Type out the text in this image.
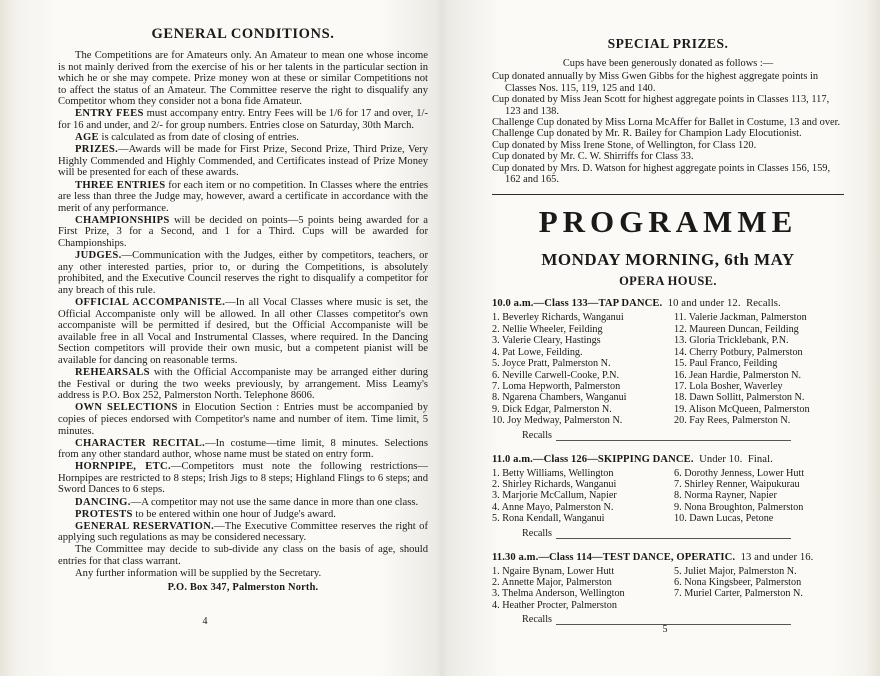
GENERAL CONDITIONS.

The Competitions are for Amateurs only. An Amateur to mean one whose income is not mainly derived from the exercise of his or her talents in the particular section in which he or she may compete. Prize money won at these or similar Competitions not to affect the status of an Amateur. The Committee reserve the right to disqualify any Competitor whom they consider not a bona fide Amateur.

ENTRY FEES must accompany entry. Entry Fees will be 1/6 for 17 and over, 1/- for 16 and under, and 2/- for group numbers. Entries close on Saturday, 30th March.

AGE is calculated as from date of closing of entries.

PRIZES.—Awards will be made for First Prize, Second Prize, Third Prize, Very Highly Commended and Highly Commended, and Certificates instead of Prize Money will be presented for each of these awards.

THREE ENTRIES for each item or no competition. In Classes where the entries are less than three the Judge may, however, award a certificate in accordance with the merit of any performance.

CHAMPIONSHIPS will be decided on points—5 points being awarded for a First Prize, 3 for a Second, and 1 for a Third. Cups will be awarded for Championships.

JUDGES.—Communication with the Judges, either by competitors, teachers, or any other interested parties, prior to, or during the Competitions, is absolutely prohibited, and the Executive Council reserves the right to disqualify a competitor for any breach of this rule.

OFFICIAL ACCOMPANISTE.—In all Vocal Classes where music is set, the Official Accompaniste only will be allowed. In all other Classes competitor's own accompaniste will be permitted if desired, but the Official Accompaniste will be available free in all Vocal and Instrumental Classes, where required. In the Dancing Section competitors will provide their own music, but a competent pianist will be available for dancing on reasonable terms.

REHEARSALS with the Official Accompaniste may be arranged either during the Festival or during the two weeks previously, by arrangement. Miss Leamy's address is P.O. Box 252, Palmerston North. Telephone 8606.

OWN SELECTIONS in Elocution Section : Entries must be accompanied by copies of pieces endorsed with Competitor's name and number of item. Time limit, 5 minutes.

CHARACTER RECITAL.—In costume—time limit, 8 minutes. Selections from any other standard author, whose name must be stated on entry form.

HORNPIPE, ETC.—Competitors must note the following restrictions—Hornpipes are restricted to 8 steps; Irish Jigs to 8 steps; Highland Flings to 6 steps; and Sword Dances to 6 steps.

DANCING.—A competitor may not use the same dance in more than one class.

PROTESTS to be entered within one hour of Judge's award.

GENERAL RESERVATION.—The Executive Committee reserves the right of applying such regulations as may be considered necessary.

The Committee may decide to sub-divide any class on the basis of age, should entries for that class warrant.

Any further information will be supplied by the Secretary.

P.O. Box 347, Palmerston North.
4
SPECIAL PRIZES.

Cups have been generously donated as follows :—

Cup donated annually by Miss Gwen Gibbs for the highest aggregate points in Classes Nos. 115, 119, 125 and 140.

Cup donated by Miss Jean Scott for highest aggregate points in Classes 113, 117, 123 and 138.

Challenge Cup donated by Miss Lorna McAffer for Ballet in Costume, 13 and over.

Challenge Cup donated by Mr. R. Bailey for Champion Lady Elocutionist.

Cup donated by Miss Irene Stone, of Wellington, for Class 120.

Cup donated by Mr. C. W. Shirriffs for Class 33.

Cup donated by Mrs. D. Watson for highest aggregate points in Classes 156, 159, 162 and 165.

PROGRAMME
MONDAY MORNING, 6th MAY
OPERA HOUSE.
10.0 a.m.—Class 133—TAP DANCE. 10 and under 12. Recalls.
1. Beverley Richards, Wanganui
2. Nellie Wheeler, Feilding
3. Valerie Cleary, Hastings
4. Pat Lowe, Feilding.
5. Joyce Pratt, Palmerston N.
6. Neville Carwell-Cooke, P.N.
7. Loma Hepworth, Palmerston
8. Ngarena Chambers, Wanganui
9. Dick Edgar, Palmerston N.
10. Joy Medway, Palmerston N.
11. Valerie Jackman, Palmerston
12. Maureen Duncan, Feilding
13. Gloria Tricklebank, P.N.
14. Cherry Potbury, Palmerston
15. Paul Franco, Feilding
16. Jean Hardie, Palmerston N.
17. Lola Bosher, Waverley
18. Dawn Sollitt, Palmerston N.
19. Alison McQueen, Palmerston
20. Fay Rees, Palmerston N.
Recalls
11.0 a.m.—Class 126—SKIPPING DANCE. Under 10. Final.
1. Betty Williams, Wellington
2. Shirley Richards, Wanganui
3. Marjorie McCallum, Napier
4. Anne Mayo, Palmerston N.
5. Rona Kendall, Wanganui
6. Dorothy Jenness, Lower Hutt
7. Shirley Renner, Waipukurau
8. Norma Rayner, Napier
9. Nona Broughton, Palmerston
10. Dawn Lucas, Petone
Recalls
11.30 a.m.—Class 114—TEST DANCE, OPERATIC. 13 and under 16.
1. Ngaire Bynam, Lower Hutt
2. Annette Major, Palmerston
3. Thelma Anderson, Wellington
4. Heather Procter, Palmerston
5. Juliet Major, Palmerston N.
6. Nona Kingsbeer, Palmerston
7. Muriel Carter, Palmerston N.
Recalls
5
